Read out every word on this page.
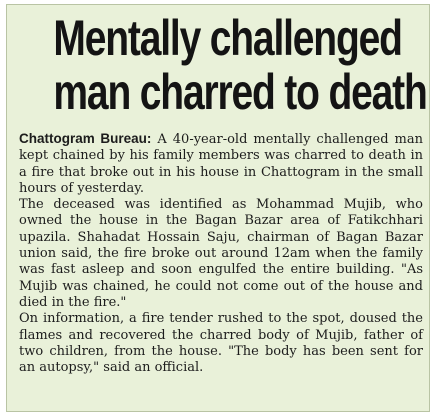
Mentally challenged
man charred to death

Chattogram Bureau: A 40-year-old mentally challenged man kept chained by his family members was charred to death in a fire that broke out in his house in Chattogram in the small hours of yesterday.

The deceased was identified as Mohammad Mujib, who owned the house in the Bagan Bazar area of Fatikchhari upazila. Shahadat Hossain Saju, chairman of Bagan Bazar union said, the fire broke out around 12am when the family was fast asleep and soon engulfed the entire building. "As Mujib was chained, he could not come out of the house and died in the fire."

On information, a fire tender rushed to the spot, doused the flames and recovered the charred body of Mujib, father of two children, from the house. "The body has been sent for an autopsy," said an official.
